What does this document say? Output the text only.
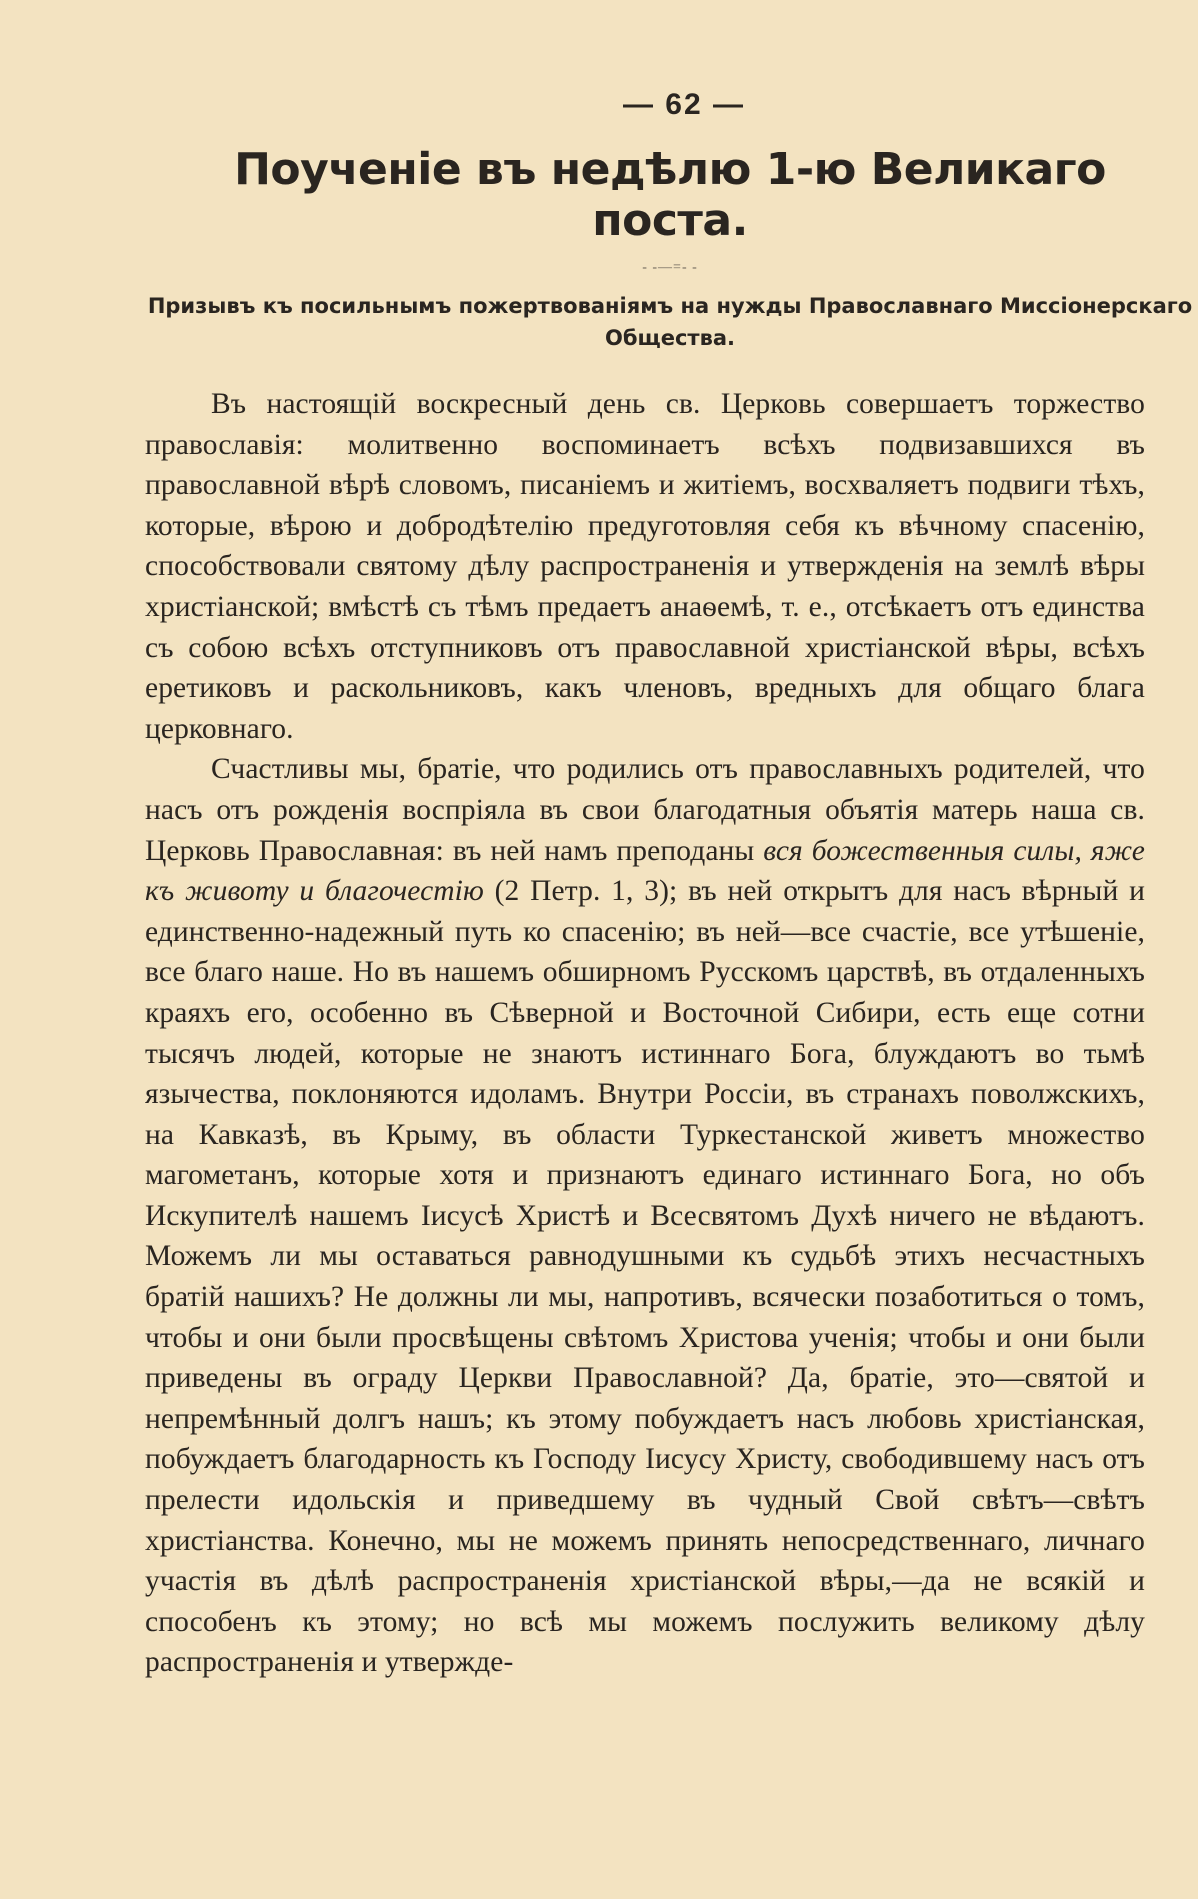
— 62 —
Поученіе въ недѣлю 1-ю Великаго поста.
- -—=- -
Призывъ къ посильнымъ пожертвованіямъ на нужды Православнаго Миссіонерскаго Общества.

Въ настоящій воскресный день св. Церковь совершаетъ торжество православія: молитвенно воспоминаетъ всѣхъ подвизавшихся въ православной вѣрѣ словомъ, писаніемъ и житіемъ, восхваляетъ подвиги тѣхъ, которые, вѣрою и добродѣтелію предуготовляя себя къ вѣчному спасенію, способствовали святому дѣлу распространенія и утвержденія на землѣ вѣры христіанской; вмѣстѣ съ тѣмъ предаетъ анаѳемѣ, т. е., отсѣкаетъ отъ единства съ собою всѣхъ отступниковъ отъ православной христіанской вѣры, всѣхъ еретиковъ и раскольниковъ, какъ членовъ, вредныхъ для общаго блага церковнаго.

Счастливы мы, братіе, что родились отъ православныхъ родителей, что насъ отъ рожденія воспріяла въ свои благодатныя объятія матерь наша св. Церковь Православная: въ ней намъ преподаны вся божественныя силы, яже къ животу и благочестію (2 Петр. 1, 3); въ ней открытъ для насъ вѣрный и единственно-надежный путь ко спасенію; въ ней—все счастіе, все утѣшеніе, все благо наше. Но въ нашемъ обширномъ Русскомъ царствѣ, въ отдаленныхъ краяхъ его, особенно въ Сѣверной и Восточной Сибири, есть еще сотни тысячъ людей, которые не знаютъ истиннаго Бога, блуждаютъ во тьмѣ язычества, поклоняются идоламъ. Внутри Россіи, въ странахъ поволжскихъ, на Кавказѣ, въ Крыму, въ области Туркестанской живетъ множество магометанъ, которые хотя и признаютъ единаго истиннаго Бога, но объ Искупителѣ нашемъ Іисусѣ Христѣ и Всесвятомъ Духѣ ничего не вѣдаютъ. Можемъ ли мы оставаться равнодушными къ судьбѣ этихъ несчастныхъ братій нашихъ? Не должны ли мы, напротивъ, всячески позаботиться о томъ, чтобы и они были просвѣщены свѣтомъ Христова ученія; чтобы и они были приведены въ ограду Церкви Православной? Да, братіе, это—святой и непремѣнный долгъ нашъ; къ этому побуждаетъ насъ любовь христіанская, побуждаетъ благодарность къ Господу Іисусу Христу, свободившему насъ отъ прелести идольскія и приведшему въ чудный Свой свѣтъ—свѣтъ христіанства. Конечно, мы не можемъ принять непосредственнаго, личнаго участія въ дѣлѣ распространенія христіанской вѣры,—да не всякій и способенъ къ этому; но всѣ мы можемъ послужить великому дѣлу распространенія и утвержде-
